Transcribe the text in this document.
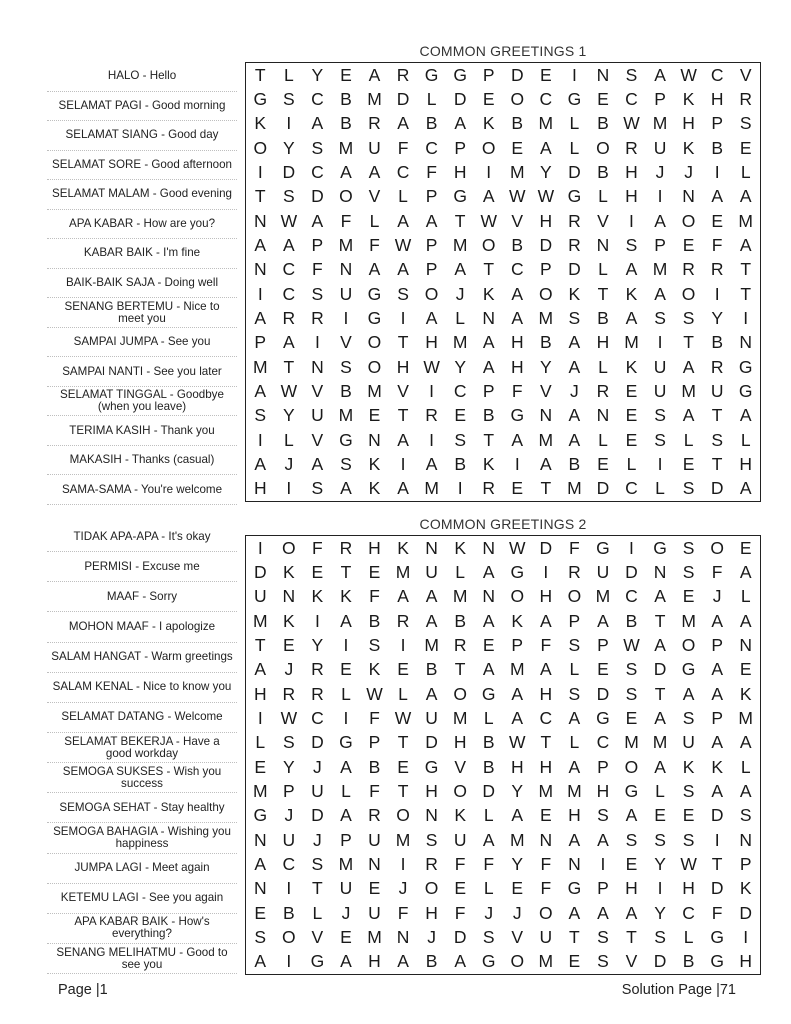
COMMON GREETINGS 1
HALO - Hello
SELAMAT PAGI - Good morning
SELAMAT SIANG - Good day
SELAMAT SORE - Good afternoon
SELAMAT MALAM - Good evening
APA KABAR - How are you?
KABAR BAIK - I'm fine
BAIK-BAIK SAJA - Doing well
SENANG BERTEMU - Nice to meet you
SAMPAI JUMPA - See you
SAMPAI NANTI - See you later
SELAMAT TINGGAL - Goodbye (when you leave)
TERIMA KASIH - Thank you
MAKASIH - Thanks (casual)
SAMA-SAMA - You're welcome
T	L	Y E A R G G P D E	I	N S A W C V
G S C B M D L D E O C G E C P K H R
K	I	A B R A B A K B M L	B W M H P S
O Y S M U F C P O E A	L O R U K B E
I	D C A A C F H	I	M Y D B H	J	J	I	L
T S D O V	L	P G A W W G L H	I	N A A
N W A F	L	A A T W V H R V	I	A O E M
A A P M F W P M O B D R N S P E F A
N C F N A A P A T C P D L	A M R R T
I	C S U G S O J	K A O K T K A O	I	T
A R R	I	G	I	A	L N A M S B A S S Y	I
P A	I	V O T H M A H B A H M	I	T B N
M T N S O H W Y A H Y A	L	K U A R G
A W V B M V	I	C P F V	J	R E U M U G
S Y U M E T R E B G N A N E S A T A
I	L	V G N A	I	S T A M A	L	E S	L	S	L
A	J	A S K	I	A B K	I	A B E	L	I	E T H
H	I	S A K A M	I	R E T M D C L	S D A
COMMON GREETINGS 2
TIDAK APA-APA - It's okay
PERMISI - Excuse me
MAAF - Sorry
MOHON MAAF - I apologize
SALAM HANGAT - Warm greetings
SALAM KENAL - Nice to know you
SELAMAT DATANG - Welcome
SELAMAT BEKERJA - Have a good workday
SEMOGA SUKSES - Wish you success
SEMOGA SEHAT - Stay healthy
SEMOGA BAHAGIA - Wishing you happiness
JUMPA LAGI - Meet again
KETEMU LAGI - See you again
APA KABAR BAIK - How's everything?
SENANG MELIHATMU - Good to see you
I	O F R H K N K N W D F G	I	G S O E
D K E T E M U L	A G	I	R U D N S F A
U N K K F A A M N O H O M C A E	J	L
M K	I	A B R A B A K A P A B T M A A
T E Y	I	S	I	M R E P F S P W A O P N
A	J	R E K E B T A M A	L	E S D G A E
H R R L W L	A O G A H S D S T A A K
I	W C	I	F W U M L	A C A G E A S P M
L	S D G P T D H B W T	L C M M U A A
E Y	J	A B E G V B H H A P O A K K	L
M P U L	F	T H O D Y M M H G L	S A A
G J	D A R O N K	L	A E H S A E E D S
N U	J	P U M S U A M N A A S S S	I	N
A C S M N	I	R F	F Y F N	I	E Y W T P
N	I	T U E	J O E	L	E F G P H	I	H D K
E B	L	J	U F H F	J	J O A A A Y C F D
S O V E M N	J	D S V U T S T S	L G	I
A	I	G A H A B A G O M E S V D B G H
Page |1	Solution Page |71
